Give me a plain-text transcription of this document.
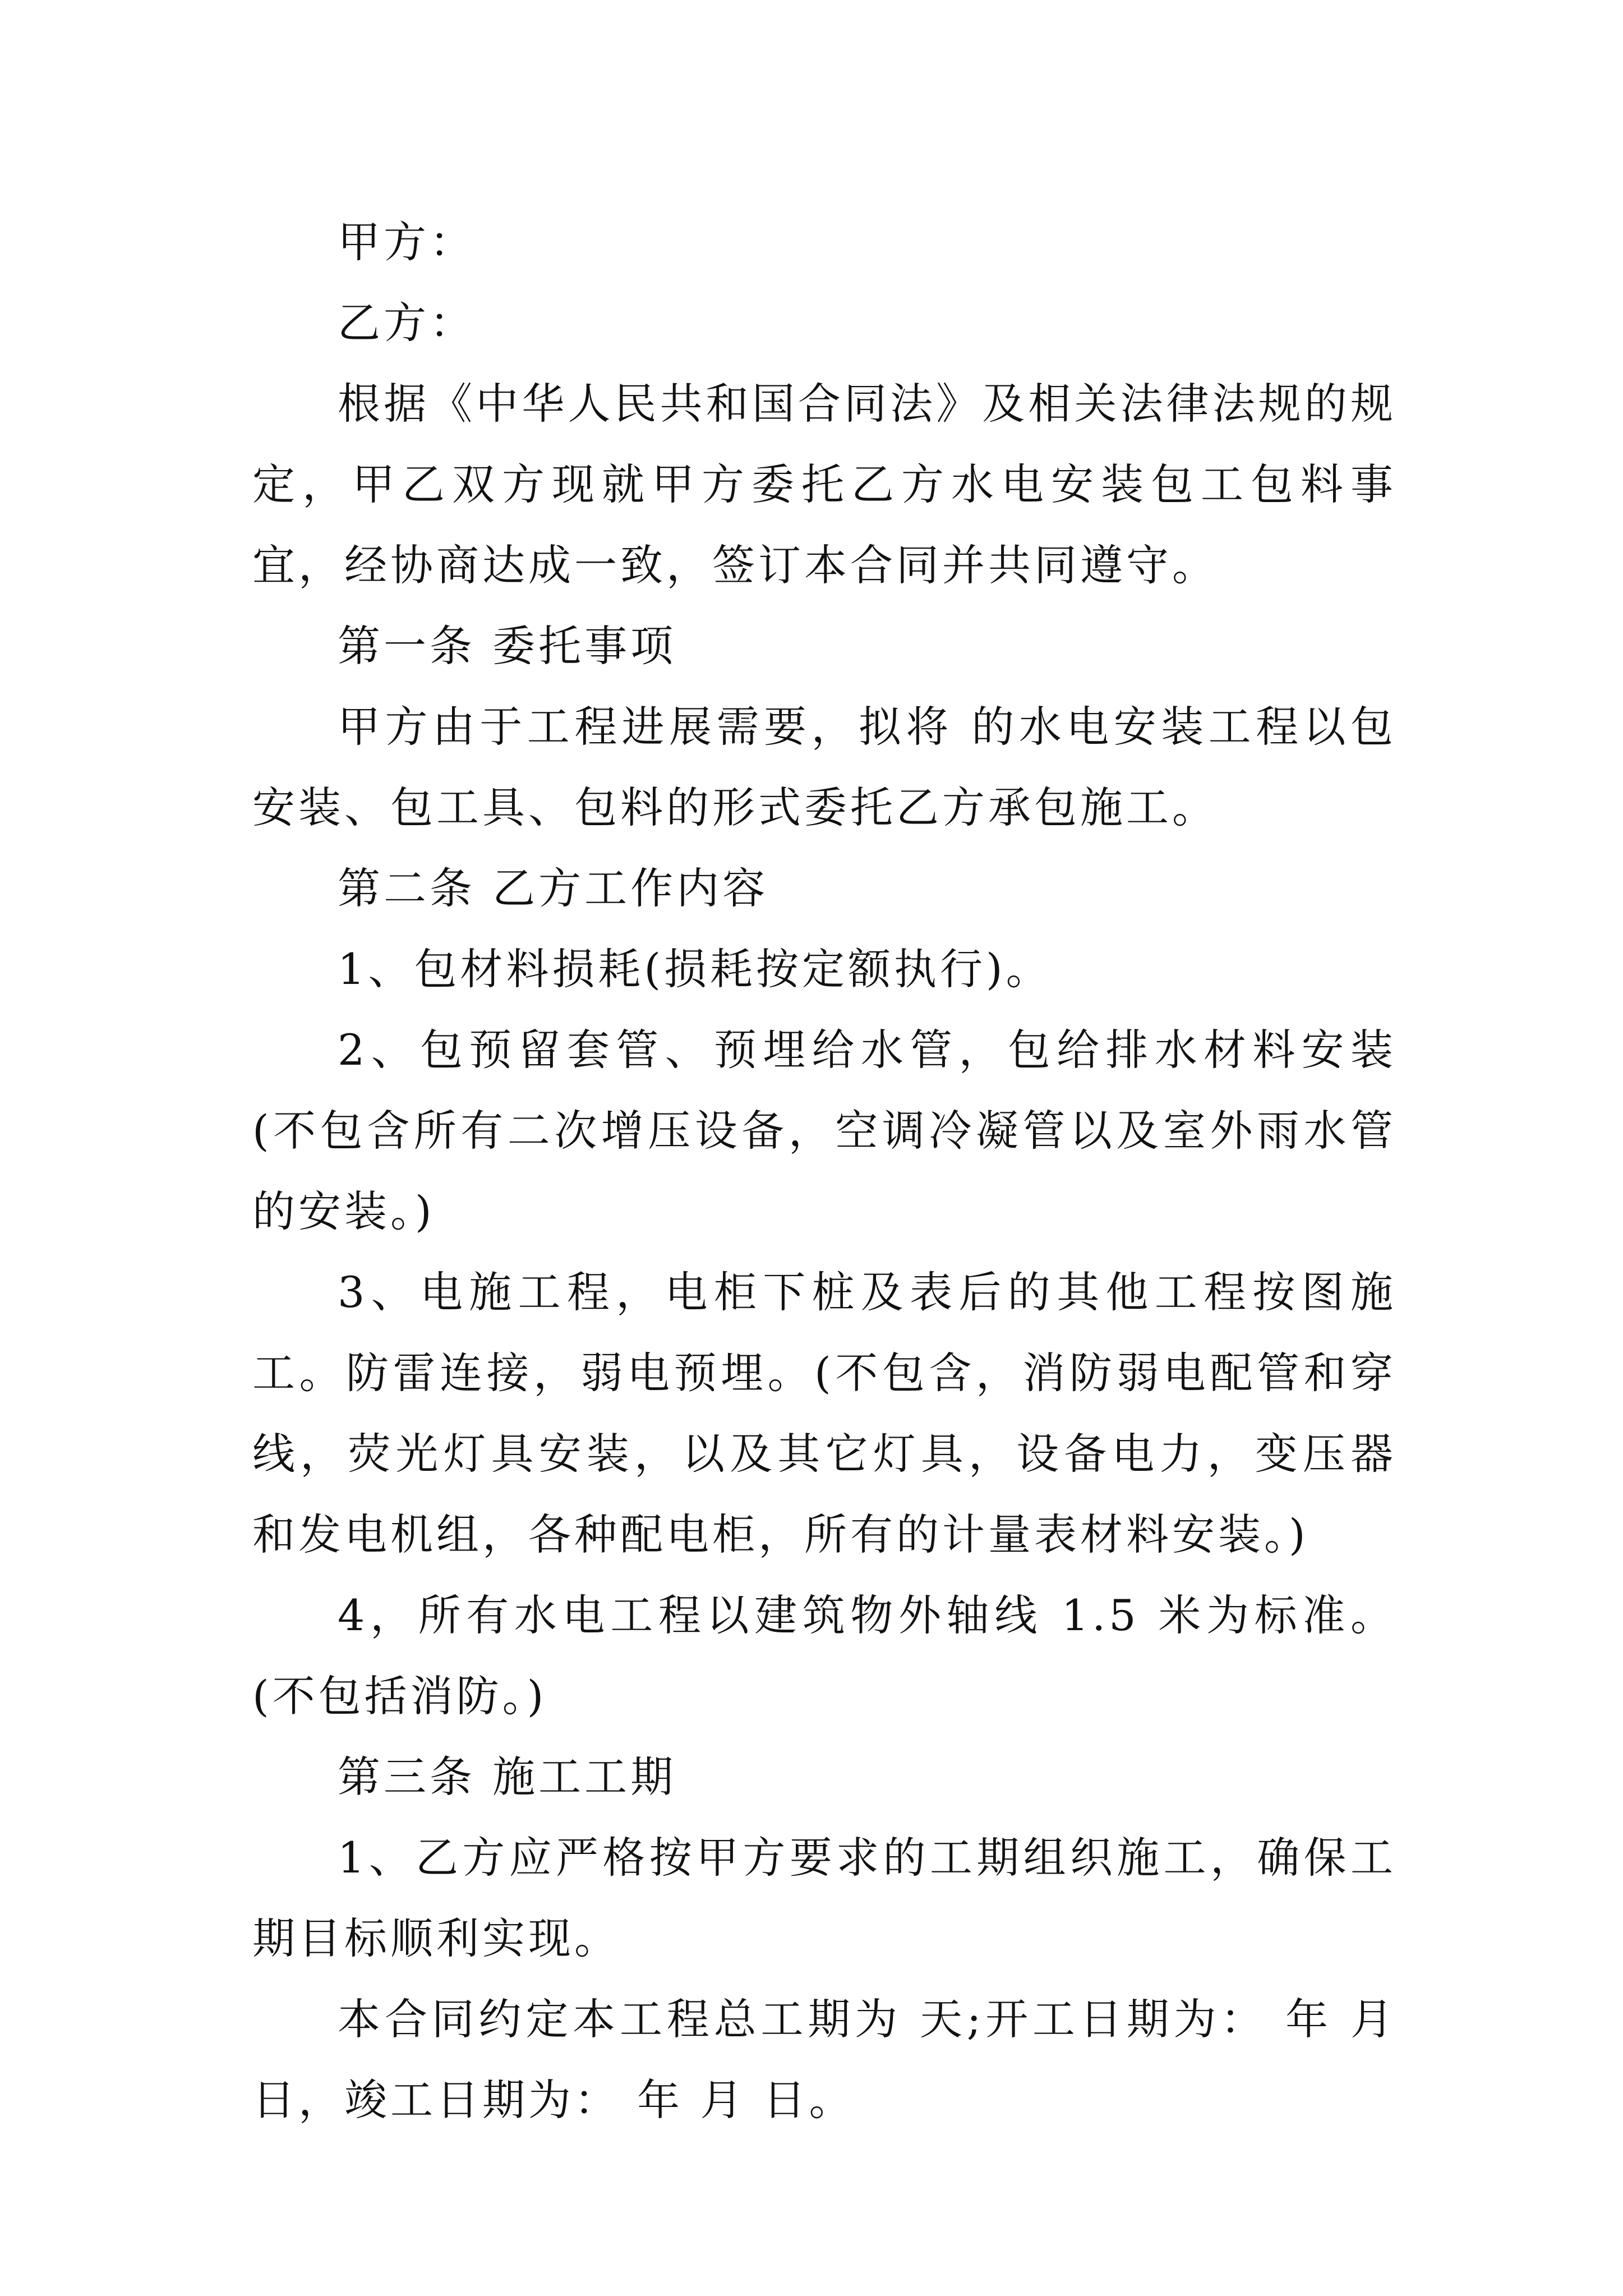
甲方：

乙方：

根据《中华人民共和国合同法》及相关法律法规的规定，甲乙双方现就甲方委托乙方水电安装包工包料事宜，经协商达成一致，签订本合同并共同遵守。

第一条 委托事项

甲方由于工程进展需要，拟将 的水电安装工程以包安装、包工具、包料的形式委托乙方承包施工。

第二条 乙方工作内容

1、包材料损耗(损耗按定额执行)。

2、包预留套管、预埋给水管，包给排水材料安装(不包含所有二次增压设备，空调冷凝管以及室外雨水管的安装。)

3、电施工程，电柜下桩及表后的其他工程按图施工。防雷连接，弱电预埋。(不包含，消防弱电配管和穿线，荧光灯具安装，以及其它灯具，设备电力，变压器和发电机组，各种配电柜，所有的计量表材料安装。)

4，所有水电工程以建筑物外轴线 1.5 米为标准。(不包括消防。)

第三条 施工工期

1、乙方应严格按甲方要求的工期组织施工，确保工期目标顺利实现。

本合同约定本工程总工期为 天;开工日期为： 年 月 日，竣工日期为： 年 月 日。
